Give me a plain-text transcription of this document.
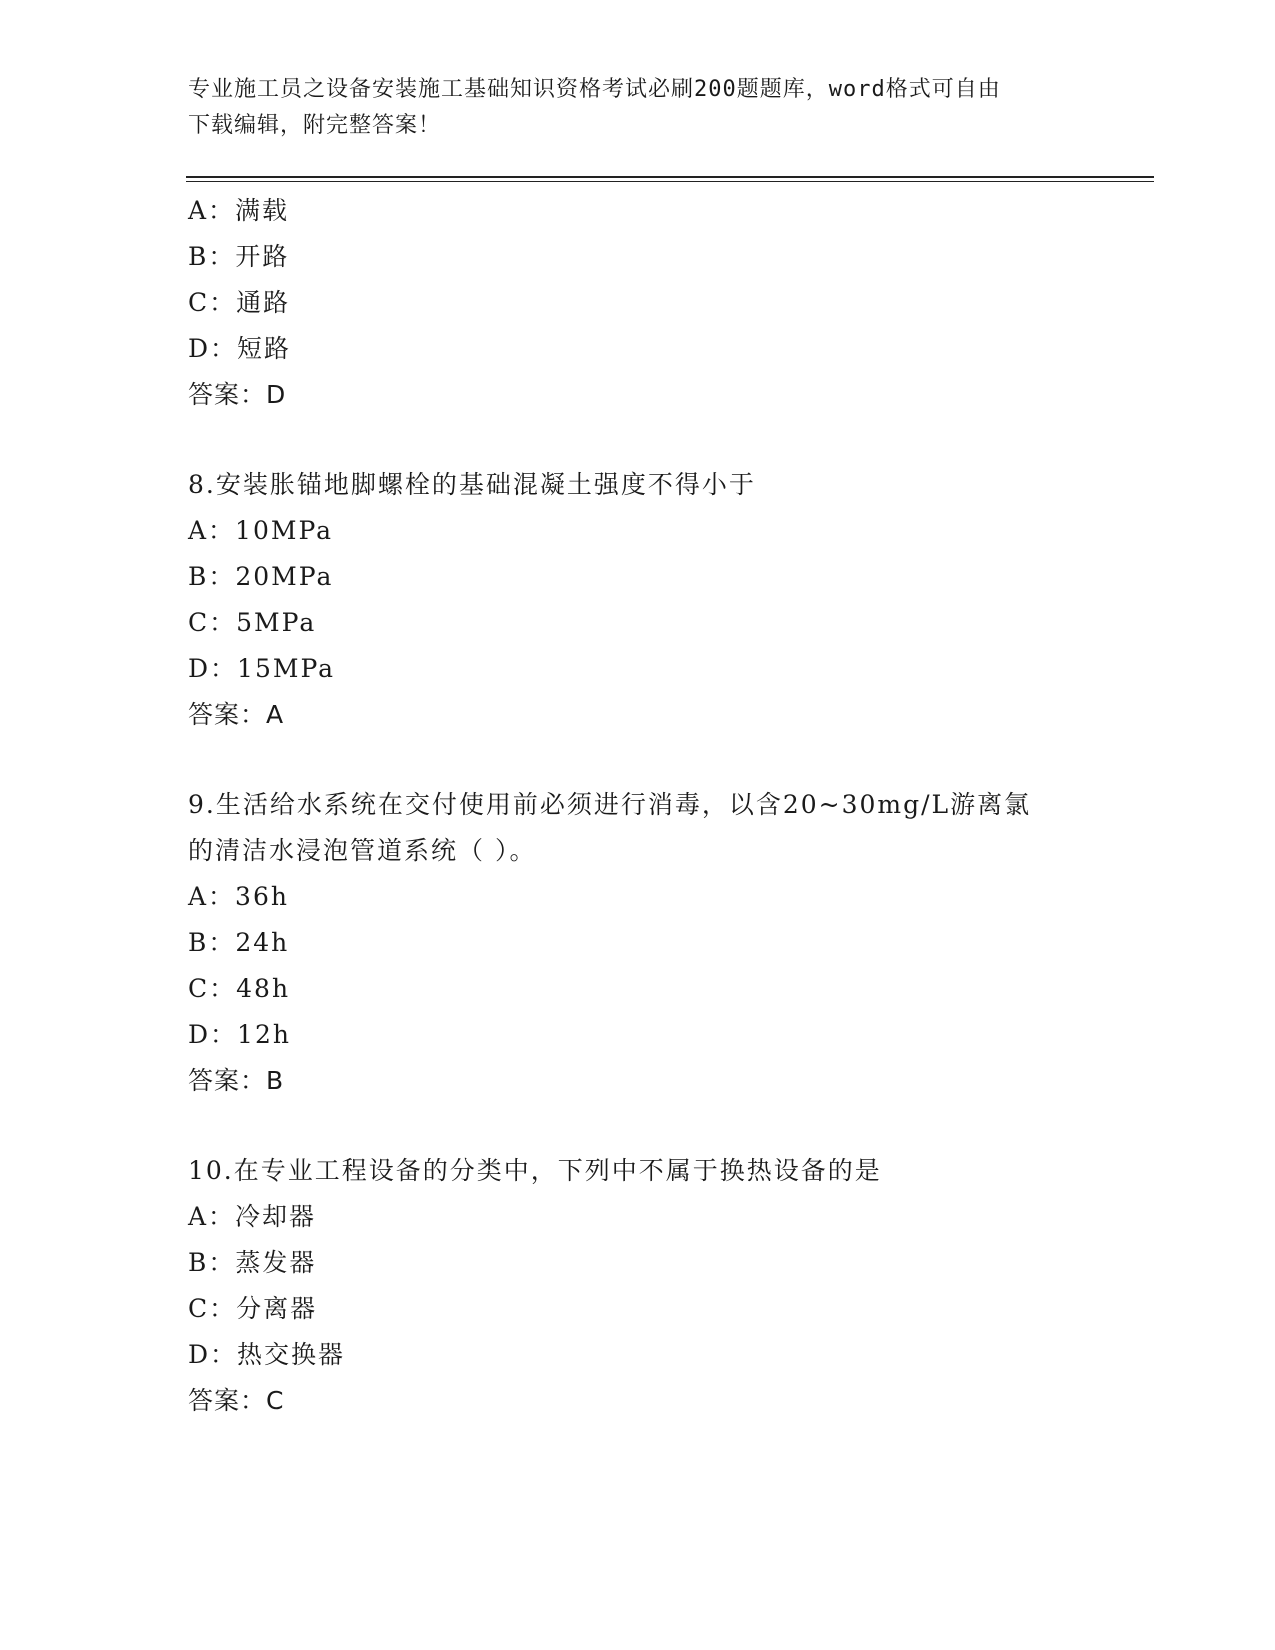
专业施工员之设备安装施工基础知识资格考试必刷200题题库，word格式可自由
下载编辑，附完整答案！
A：满载
B：开路
C：通路
D：短路
答案：D
8.安装胀锚地脚螺栓的基础混凝土强度不得小于
A：10MPa
B：20MPa
C：5MPa
D：15MPa
答案：A
9.生活给水系统在交付使用前必须进行消毒，以含20~30mg/L游离氯
的清洁水浸泡管道系统（ ）。
A：36h
B：24h
C：48h
D：12h
答案：B
10.在专业工程设备的分类中，下列中不属于换热设备的是
A：冷却器
B：蒸发器
C：分离器
D：热交换器
答案：C
